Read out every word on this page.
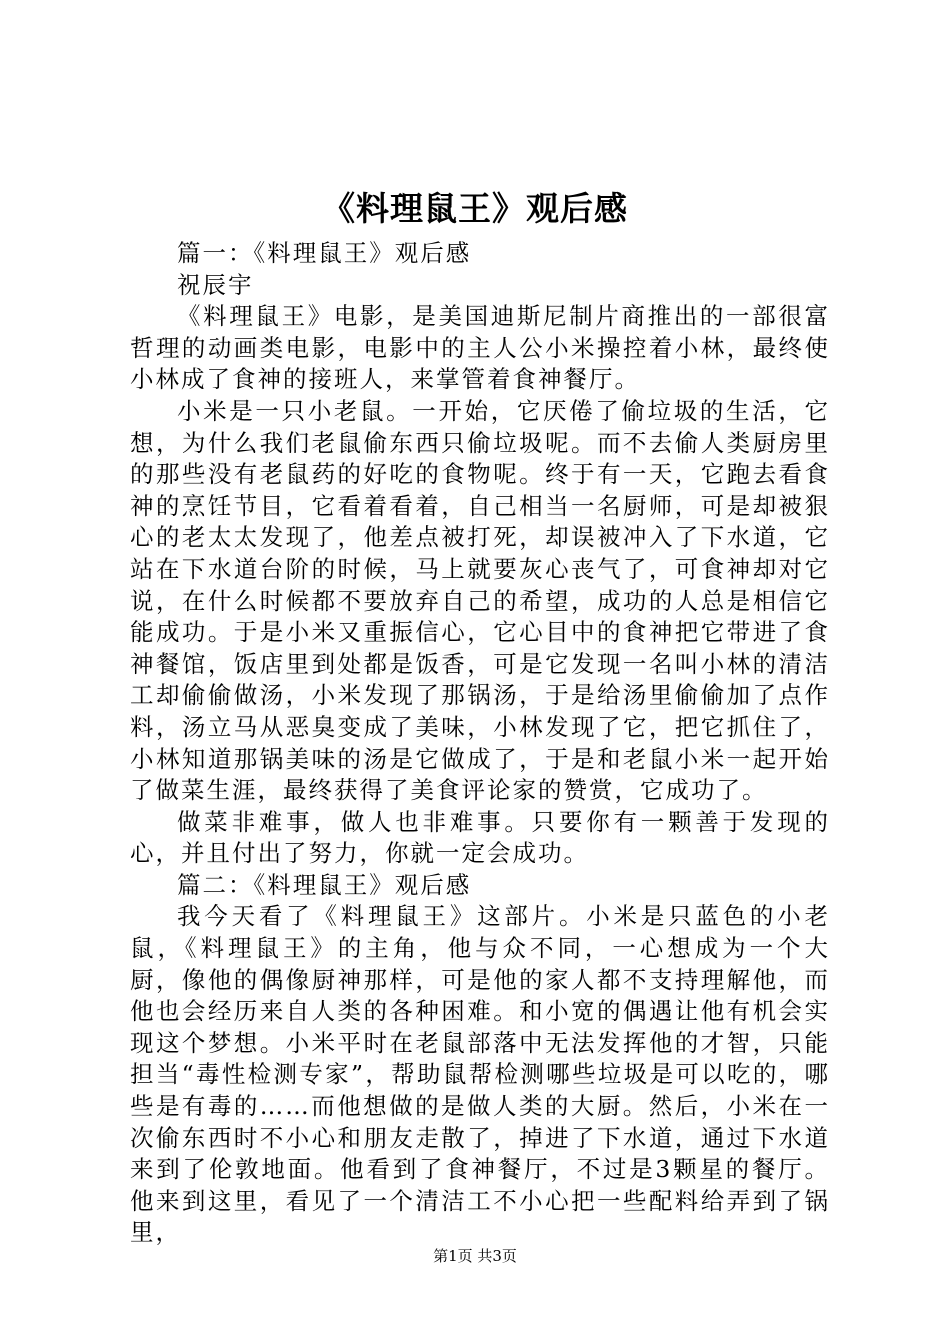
《料理鼠王》观后感

篇一：《料理鼠王》观后感

祝辰宇

《料理鼠王》电影，是美国迪斯尼制片商推出的一部很富哲理的动画类电影，电影中的主人公小米操控着小林，最终使小林成了食神的接班人，来掌管着食神餐厅。

小米是一只小老鼠。一开始，它厌倦了偷垃圾的生活，它想，为什么我们老鼠偷东西只偷垃圾呢。而不去偷人类厨房里的那些没有老鼠药的好吃的食物呢。终于有一天，它跑去看食神的烹饪节目，它看着看着，自己相当一名厨师，可是却被狠心的老太太发现了，他差点被打死，却误被冲入了下水道，它站在下水道台阶的时候，马上就要灰心丧气了，可食神却对它说，在什么时候都不要放弃自己的希望，成功的人总是相信它能成功。于是小米又重振信心，它心目中的食神把它带进了食神餐馆，饭店里到处都是饭香，可是它发现一名叫小林的清洁工却偷偷做汤，小米发现了那锅汤，于是给汤里偷偷加了点作料，汤立马从恶臭变成了美味，小林发现了它，把它抓住了，小林知道那锅美味的汤是它做成了，于是和老鼠小米一起开始了做菜生涯，最终获得了美食评论家的赞赏，它成功了。

做菜非难事，做人也非难事。只要你有一颗善于发现的心，并且付出了努力，你就一定会成功。

篇二：《料理鼠王》观后感

我今天看了《料理鼠王》这部片。小米是只蓝色的小老鼠，《料理鼠王》的主角，他与众不同，一心想成为一个大厨，像他的偶像厨神那样，可是他的家人都不支持理解他，而他也会经历来自人类的各种困难。和小宽的偶遇让他有机会实现这个梦想。小米平时在老鼠部落中无法发挥他的才智，只能担当“毒性检测专家”，帮助鼠帮检测哪些垃圾是可以吃的，哪些是有毒的……而他想做的是做人类的大厨。然后，小米在一次偷东西时不小心和朋友走散了，掉进了下水道，通过下水道来到了伦敦地面。他看到了食神餐厅，不过是3颗星的餐厅。他来到这里，看见了一个清洁工不小心把一些配料给弄到了锅里，

第1页 共3页
